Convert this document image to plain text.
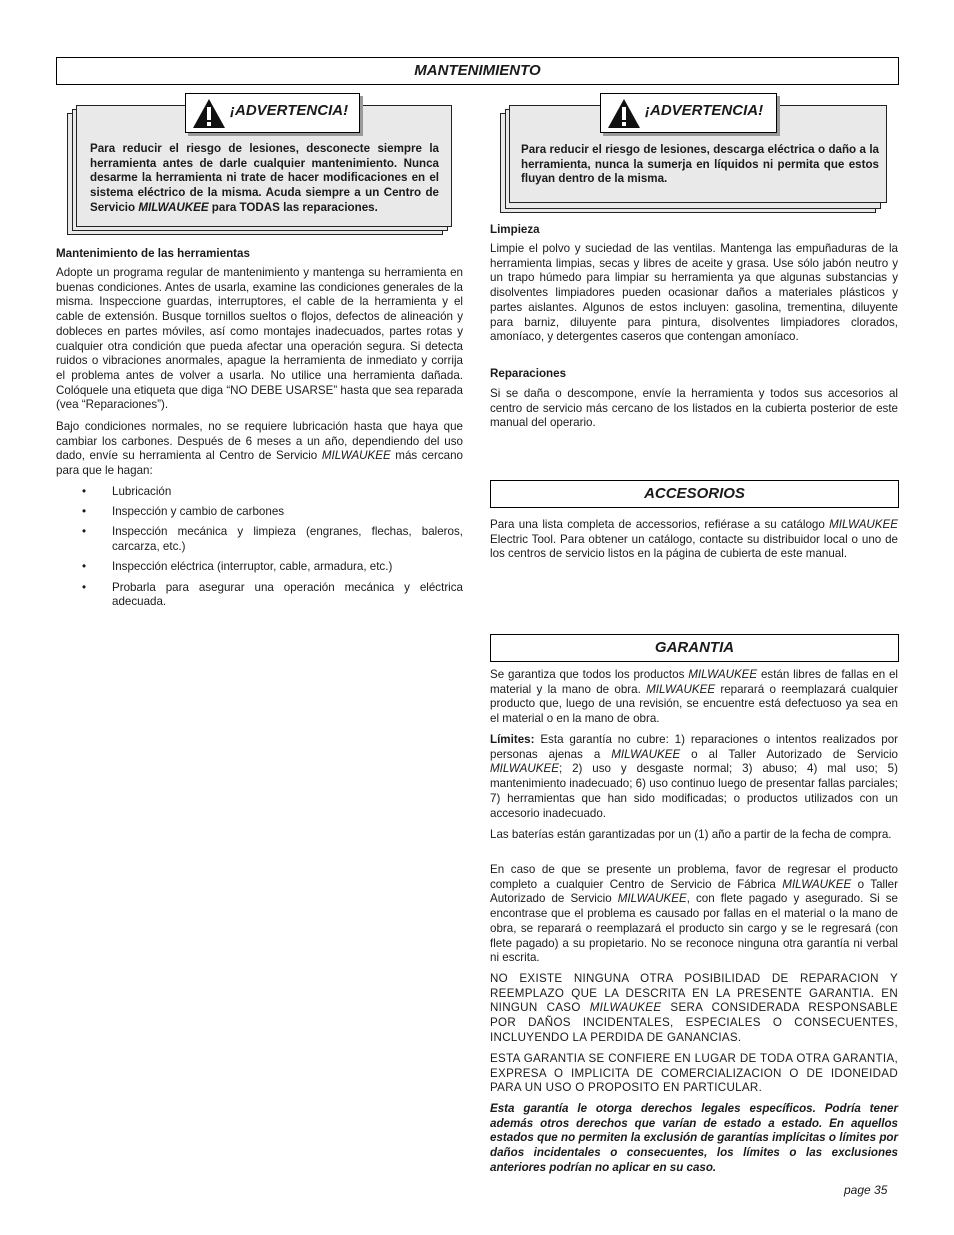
MANTENIMIENTO
¡ADVERTENCIA!
Para reducir el riesgo de lesiones, desconecte siempre la herramienta antes de darle cualquier mantenimiento. Nunca desarme la herramienta ni trate de hacer modificaciones en el sistema eléctrico de la misma. Acuda siempre a un Centro de Servicio MILWAUKEE para TODAS las reparaciones.
¡ADVERTENCIA!
Para reducir el riesgo de lesiones, descarga eléctrica o daño a la herramienta, nunca la sumerja en líquidos ni permita que estos fluyan dentro de la misma.
Mantenimiento de las herramientas

Adopte un programa regular de mantenimiento y mantenga su herramienta en buenas condiciones. Antes de usarla, examine las condiciones generales de la misma. Inspeccione guardas, interruptores, el cable de la herramienta y el cable de extensión. Busque tornillos sueltos o flojos, defectos de alineación y dobleces en partes móviles, así como montajes inadecuados, partes rotas y cualquier otra condición que pueda afectar una operación segura. Si detecta ruidos o vibraciones anormales, apague la herramienta de inmediato y corrija el problema antes de volver a usarla. No utilice una herramienta dañada. Colóquele una etiqueta que diga “NO DEBE USARSE” hasta que sea reparada (vea “Reparaciones”).

Bajo condiciones normales, no se requiere lubricación hasta que haya que cambiar los carbones. Después de 6 meses a un año, dependiendo del uso dado, envíe su herramienta al Centro de Servicio MILWAUKEE más cercano para que le hagan:

• Lubricación
• Inspección y cambio de carbones
• Inspección mecánica y limpieza (engranes, flechas, baleros, carcarza, etc.)
• Inspección eléctrica (interruptor, cable, armadura, etc.)
• Probarla para asegurar una operación mecánica y eléctrica adecuada.
Limpieza

Limpie el polvo y suciedad de las ventilas. Mantenga las empuñaduras de la herramienta limpias, secas y libres de aceite y grasa. Use sólo jabón neutro y un trapo húmedo para limpiar su herramienta ya que algunas substancias y disolventes limpiadores pueden ocasionar daños a materiales plásticos y partes aislantes. Algunos de estos incluyen: gasolina, trementina, diluyente para barniz, diluyente para pintura, disolventes limpiadores clorados, amoníaco, y detergentes caseros que contengan amoníaco.

Reparaciones

Si se daña o descompone, envíe la herramienta y todos sus accesorios al centro de servicio más cercano de los listados en la cubierta posterior de este manual del operario.

ACCESORIOS

Para una lista completa de accessorios, refiérase a su catálogo MILWAUKEE Electric Tool. Para obtener un catálogo, contacte su distribuidor local o uno de los centros de servicio listos en la página de cubierta de este manual.

GARANTIA

Se garantiza que todos los productos MILWAUKEE están libres de fallas en el material y la mano de obra. MILWAUKEE reparará o reemplazará cualquier producto que, luego de una revisión, se encuentre está defectuoso ya sea en el material o en la mano de obra.

Límites: Esta garantía no cubre: 1) reparaciones o intentos realizados por personas ajenas a MILWAUKEE o al Taller Autorizado de Servicio MILWAUKEE; 2) uso y desgaste normal; 3) abuso; 4) mal uso; 5) mantenimiento inadecuado; 6) uso continuo luego de presentar fallas parciales; 7) herramientas que han sido modificadas; o productos utilizados con un accesorio inadecuado.

Las baterías están garantizadas por un (1) año a partir de la fecha de compra.

En caso de que se presente un problema, favor de regresar el producto completo a cualquier Centro de Servicio de Fábrica MILWAUKEE o Taller Autorizado de Servicio MILWAUKEE, con flete pagado y asegurado. Si se encontrase que el problema es causado por fallas en el material o la mano de obra, se reparará o reemplazará el producto sin cargo y se le regresará (con flete pagado) a su propietario. No se reconoce ninguna otra garantía ni verbal ni escrita.

NO EXISTE NINGUNA OTRA POSIBILIDAD DE REPARACION Y REEMPLAZO QUE LA DESCRITA EN LA PRESENTE GARANTIA. EN NINGUN CASO MILWAUKEE SERA CONSIDERADA RESPONSABLE POR DAÑOS INCIDENTALES, ESPECIALES O CONSECUENTES, INCLUYENDO LA PERDIDA DE GANANCIAS.

ESTA GARANTIA SE CONFIERE EN LUGAR DE TODA OTRA GARANTIA, EXPRESA O IMPLICITA DE COMERCIALIZACION O DE IDONEIDAD PARA UN USO O PROPOSITO EN PARTICULAR.

Esta garantía le otorga derechos legales específicos. Podría tener además otros derechos que varían de estado a estado. En aquellos estados que no permiten la exclusión de garantías implícitas o límites por daños incidentales o consecuentes, los límites o las exclusiones anteriores podrían no aplicar en su caso.

page 35
